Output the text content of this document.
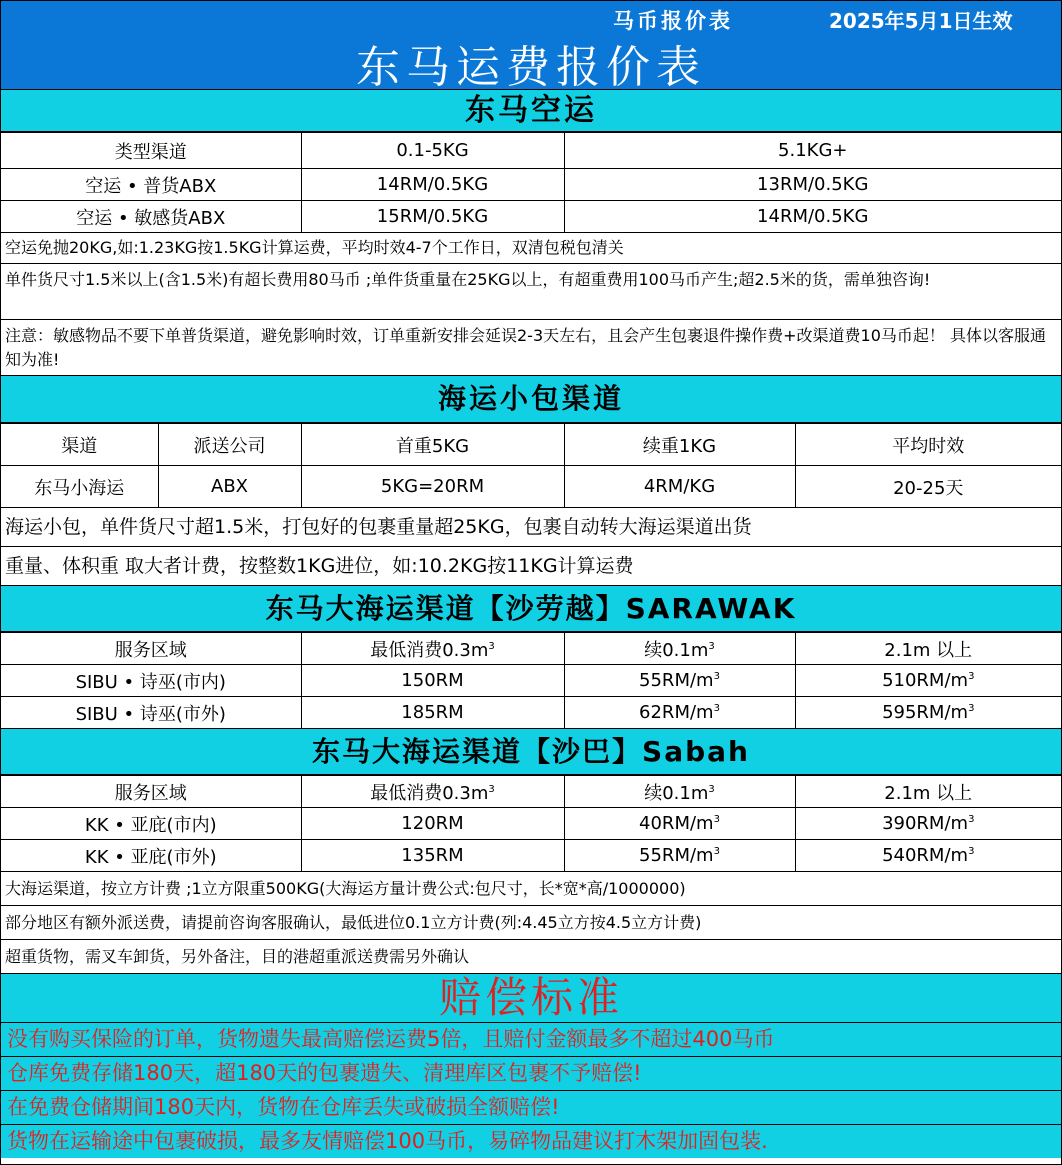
马币报价表	2025年5月1日生效
东马运费报价表
东马空运
类型渠道	0.1-5KG	5.1KG+
空运 • 普货ABX	14RM/0.5KG	13RM/0.5KG
空运 • 敏感货ABX	15RM/0.5KG	14RM/0.5KG
空运免抛20KG,如:1.23KG按1.5KG计算运费，平均时效4-7个工作日，双清包税包清关
单件货尺寸1.5米以上(含1.5米)有超长费用80马币 ;单件货重量在25KG以上，有超重费用100马币产生;超2.5米的货，需单独咨询!
注意：敏感物品不要下单普货渠道，避免影响时效，订单重新安排会延误2-3天左右，且会产生包裹退件操作费+改渠道费10马币起！ 具体以客服通知为准!
海运小包渠道
渠道	派送公司	首重5KG	续重1KG	平均时效
东马小海运	ABX	5KG=20RM	4RM/KG	20-25天
海运小包，单件货尺寸超1.5米，打包好的包裹重量超25KG，包裹自动转大海运渠道出货
重量、体积重 取大者计费，按整数1KG进位，如:10.2KG按11KG计算运费
东马大海运渠道【沙劳越】SARAWAK
服务区域	最低消费$0.3m^3$	续$0.1m^3$	2.1m 以上
SIBU • 诗巫(市内)	150RM	$55RM/m^3$	$510RM/m^3$
SIBU • 诗巫(市外)	185RM	$62RM/m^3$	$595RM/m^3$
东马大海运渠道【沙巴】Sabah
服务区域	最低消费$0.3m^3$	续$0.1m^3$	2.1m 以上
KK • 亚庇(市内)	120RM	$40RM/m^3$	$390RM/m^3$
KK • 亚庇(市外)	135RM	$55RM/m^3$	$540RM/m^3$
大海运渠道，按立方计费 ;1立方限重500KG(大海运方量计费公式:包尺寸，长*宽*高/1000000)
部分地区有额外派送费，请提前咨询客服确认，最低进位0.1立方计费(列:4.45立方按4.5立方计费)
超重货物，需叉车卸货，另外备注，目的港超重派送费需另外确认
赔偿标准
没有购买保险的订单，货物遗失最高赔偿运费5倍，且赔付金额最多不超过400马币
仓库免费存储180天，超180天的包裹遗失、清理库区包裹不予赔偿!
在免费仓储期间180天内，货物在仓库丢失或破损全额赔偿!
货物在运输途中包裹破损，最多友情赔偿100马币，易碎物品建议打木架加固包装.
